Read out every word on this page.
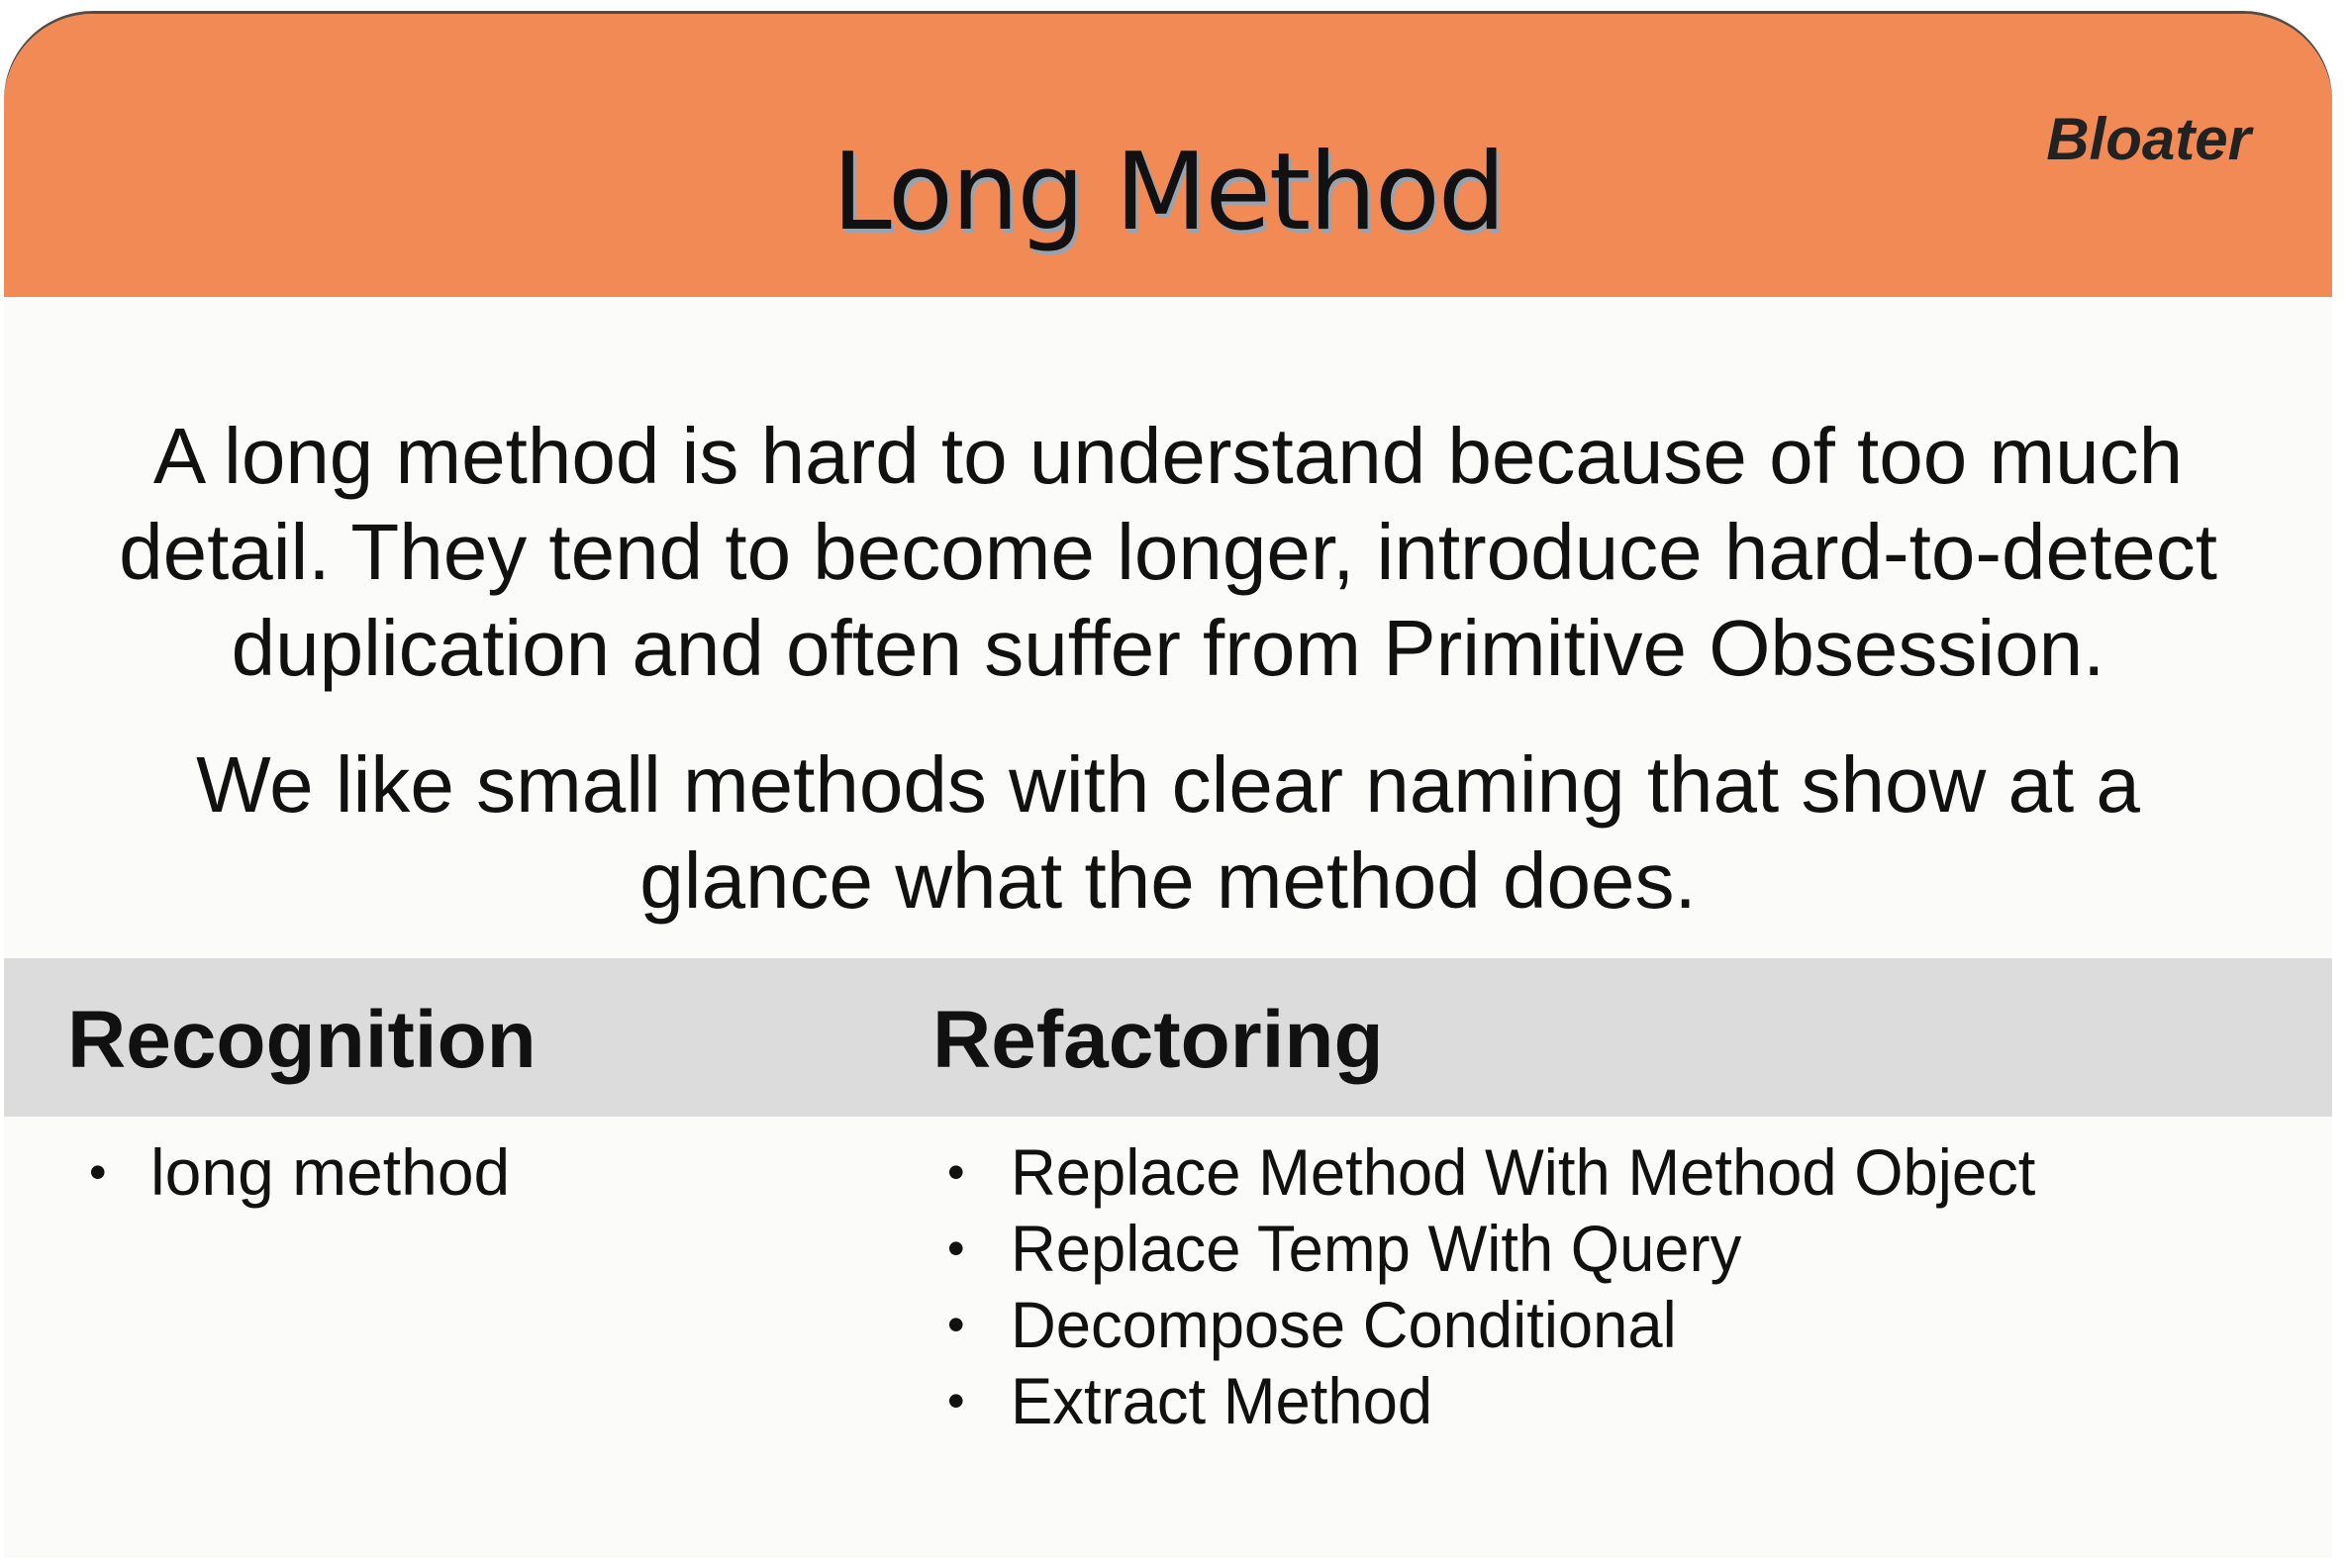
Long Method	Bloater
A long method is hard to understand because of too much
detail. They tend to become longer, introduce hard-to-detect
duplication and often suffer from Primitive Obsession.
We like small methods with clear naming that show at a
glance what the method does.
Recognition	Refactoring
• long method	• Replace Method With Method Object
• Replace Temp With Query
• Decompose Conditional
• Extract Method
